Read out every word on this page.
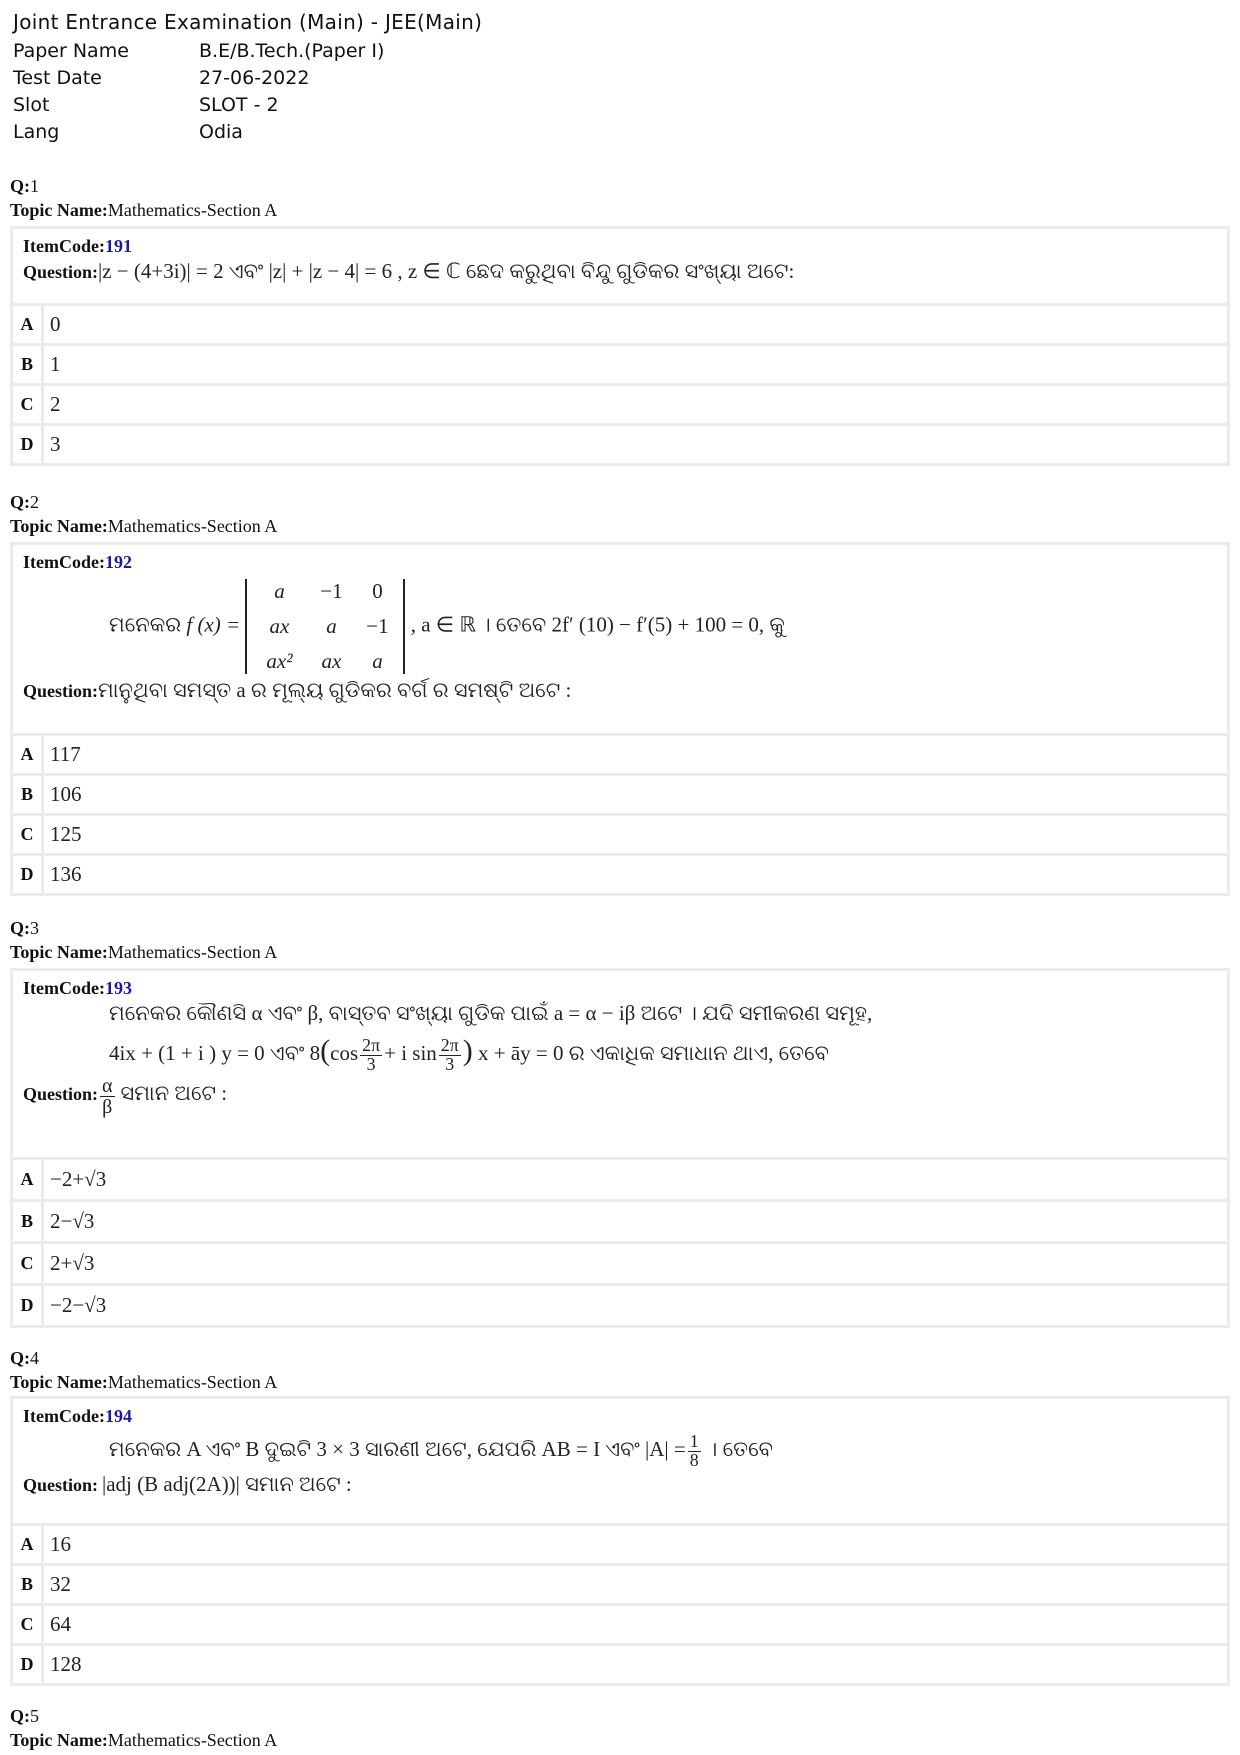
Joint Entrance Examination (Main) - JEE(Main)
Paper Name	B.E/B.Tech.(Paper I)
Test Date	27-06-2022
Slot	SLOT - 2
Lang	Odia
Q:1
Topic Name:Mathematics-Section A
ItemCode:191
Question:|z − (4+3i)| = 2 ଏବଂ |z| + |z − 4| = 6 , z ∈ ℂ ଛେଦ କରୁଥିବା ବିନ୍ଦୁ ଗୁଡିକର ସଂଖ୍ୟା ଅଟେ:
A 0
B 1
C 2
D 3
Q:2
Topic Name:Mathematics-Section A
ItemCode:192
ମନେକର f (x) =
a	−1	0
ax	a	−1
ax²	ax	a
, a ∈ ℝ । ତେବେ 2f′ (10) − f′(5) + 100 = 0, କୁ
Question:ମାନୁଥିବା ସମସ୍ତ a ର ମୂଲ୍ୟ ଗୁଡିକର ବର୍ଗ ର ସମଷ୍ଟି ଅଟେ :
A 117
B 106
C 125
D 136
Q:3
Topic Name:Mathematics-Section A
ItemCode:193
ମନେକର କୌଣସି α ଏବଂ β, ବାସ୍ତବ ସଂଖ୍ୟା ଗୁଡିକ ପାଇଁ a = α − iβ ଅଟେ । ଯଦି ସମୀକରଣ ସମୂହ,
4ix + (1 + i ) y = 0 ଏବଂ $8(\cos \frac{2\pi}{3} + i$ $\sin \frac{2\pi}{3}$ ) x + āy = 0 ର ଏକାଧିକ ସମାଧାନ ଥାଏ, ତେବେ
Question: $\frac{\alpha}{\beta}$ ସମାନ ଅଟେ :
A −2+√3
B 2−√3
C 2+√3
D −2−√3
Q:4
Topic Name:Mathematics-Section A
ItemCode:194
ମନେକର A ଏବଂ B ଦୁଇଟି 3 × 3 ସାରଣୀ ଅଟେ, ଯେପରି AB = I ଏବଂ $|A| = \frac{1}{8}$ । ତେବେ
Question: |adj (B adj(2A))| ସମାନ ଅଟେ :
A 16
B 32
C 64
D 128
Q:5
Topic Name:Mathematics-Section A
